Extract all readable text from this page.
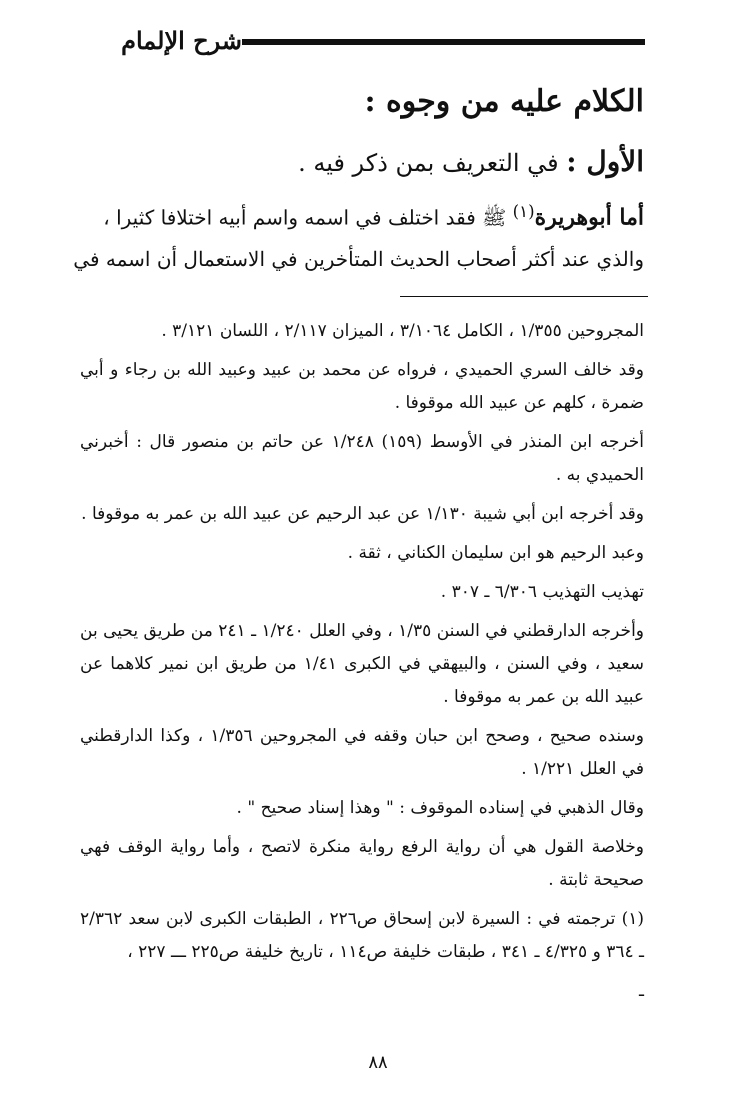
شرح الإلمام
الكلام عليه من وجوه :
الأول : في التعريف بمن ذكر فيه .
أما أبوهريرة$^{(١)}$ ﷺ فقد اختلف في اسمه واسم أبيه اختلافا كثيرا ،
والذي عند أكثر أصحاب الحديث المتأخرين في الاستعمال أن اسمه في
المجروحين ١/٣٥٥ ، الكامل ٣/١٠٦٤ ، الميزان ٢/١١٧ ، اللسان ٣/١٢١ .
وقد خالف السري الحميدي ، فرواه عن محمد بن عبيد وعبيد الله بن رجاء و أبي ضمرة ، كلهم عن عبيد الله موقوفا .
أخرجه ابن المنذر في الأوسط (١٥٩) ١/٢٤٨ عن حاتم بن منصور قال : أخبرني الحميدي به .
وقد أخرجه ابن أبي شيبة ١/١٣٠ عن عبد الرحيم عن عبيد الله بن عمر به موقوفا .
وعبد الرحيم هو ابن سليمان الكناني ، ثقة .
تهذيب التهذيب ٦/٣٠٦ ـ ٣٠٧ .
وأخرجه الدارقطني في السنن ١/٣٥ ، وفي العلل ١/٢٤٠ ـ ٢٤١ من طريق يحيى بن سعيد ، وفي السنن ، والبيهقي في الكبرى ١/٤١ من طريق ابن نمير كلاهما عن عبيد الله بن عمر به موقوفا .
وسنده صحيح ، وصحح ابن حبان وقفه في المجروحين ١/٣٥٦ ، وكذا الدارقطني في العلل ١/٢٢١ .
وقال الذهبي في إسناده الموقوف : " وهذا إسناد صحيح " .
وخلاصة القول هي أن رواية الرفع رواية منكرة لاتصح ، وأما رواية الوقف فهي صحيحة ثابتة .
(١) ترجمته في : السيرة لابن إسحاق ص٢٢٦ ، الطبقات الكبرى لابن سعد ٢/٣٦٢ ـ ٣٦٤ و ٤/٣٢٥ ـ ٣٤١ ، طبقات خليفة ص١١٤ ، تاريخ خليفة ص٢٢٥ ـــ ٢٢٧ ،
ـ
٨٨
